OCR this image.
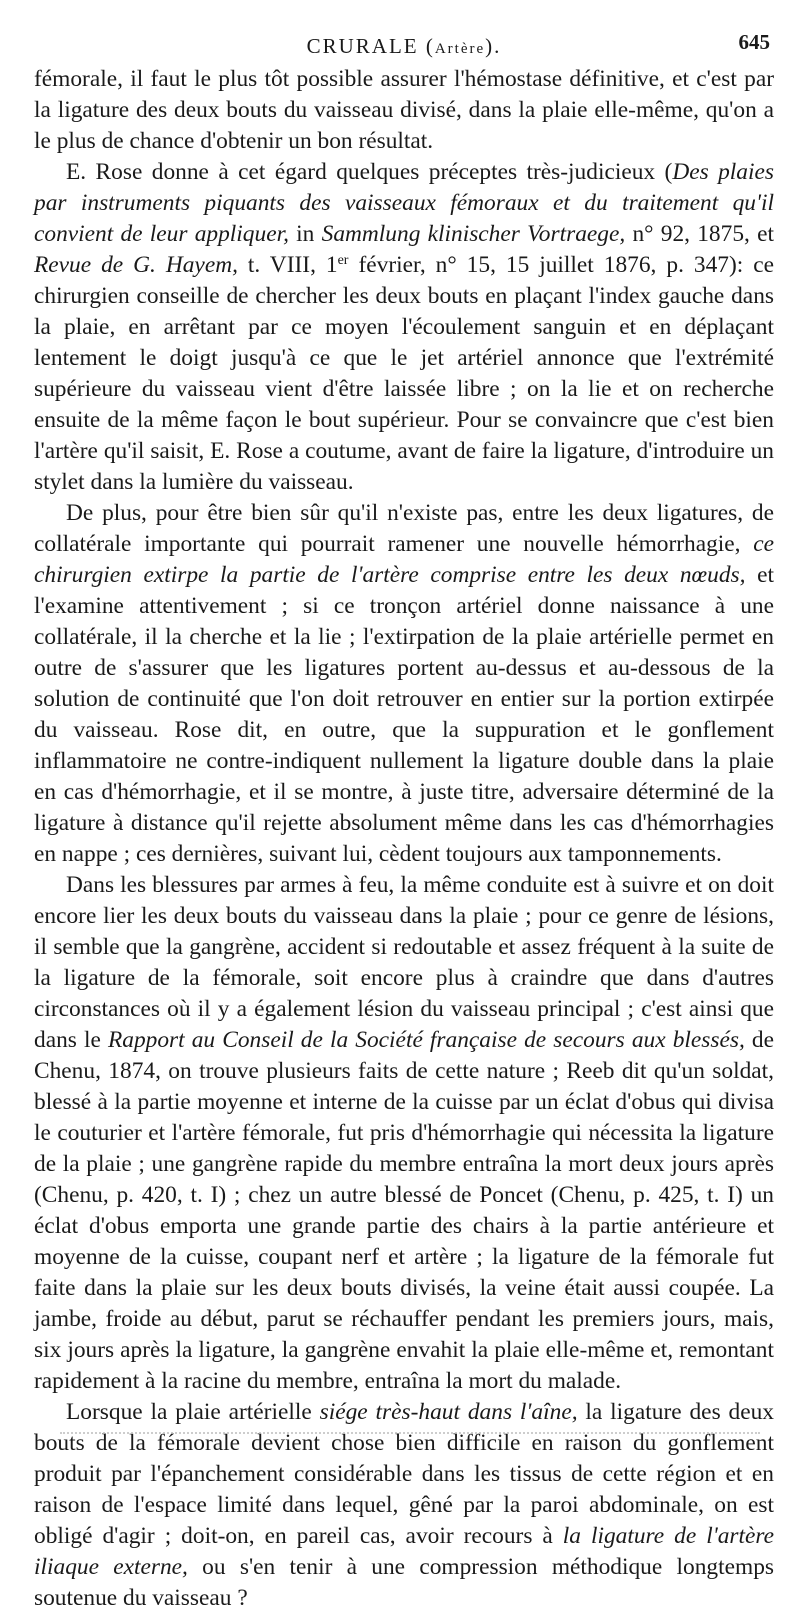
CRURALE (Artère).	645

fémorale, il faut le plus tôt possible assurer l'hémostase définitive, et c'est par la ligature des deux bouts du vaisseau divisé, dans la plaie elle-même, qu'on a le plus de chance d'obtenir un bon résultat.

E. Rose donne à cet égard quelques préceptes très-judicieux (Des plaies par instruments piquants des vaisseaux fémoraux et du traitement qu'il convient de leur appliquer, in Sammlung klinischer Vortraege, n° 92, 1875, et Revue de G. Hayem, t. VIII, 1er février, n° 15, 15 juillet 1876, p. 347): ce chirurgien conseille de chercher les deux bouts en plaçant l'index gauche dans la plaie, en arrêtant par ce moyen l'écoulement sanguin et en déplaçant lentement le doigt jusqu'à ce que le jet artériel annonce que l'extrémité supérieure du vaisseau vient d'être laissée libre ; on la lie et on recherche ensuite de la même façon le bout supérieur. Pour se convaincre que c'est bien l'artère qu'il saisit, E. Rose a coutume, avant de faire la ligature, d'introduire un stylet dans la lumière du vaisseau.

De plus, pour être bien sûr qu'il n'existe pas, entre les deux ligatures, de collatérale importante qui pourrait ramener une nouvelle hémorrhagie, ce chirurgien extirpe la partie de l'artère comprise entre les deux nœuds, et l'examine attentivement ; si ce tronçon artériel donne naissance à une collatérale, il la cherche et la lie ; l'extirpation de la plaie artérielle permet en outre de s'assurer que les ligatures portent au-dessus et au-dessous de la solution de continuité que l'on doit retrouver en entier sur la portion extirpée du vaisseau. Rose dit, en outre, que la suppuration et le gonflement inflammatoire ne contre-indiquent nullement la ligature double dans la plaie en cas d'hémorrhagie, et il se montre, à juste titre, adversaire déterminé de la ligature à distance qu'il rejette absolument même dans les cas d'hémorrhagies en nappe ; ces dernières, suivant lui, cèdent toujours aux tamponnements.

Dans les blessures par armes à feu, la même conduite est à suivre et on doit encore lier les deux bouts du vaisseau dans la plaie ; pour ce genre de lésions, il semble que la gangrène, accident si redoutable et assez fréquent à la suite de la ligature de la fémorale, soit encore plus à craindre que dans d'autres circonstances où il y a également lésion du vaisseau principal ; c'est ainsi que dans le Rapport au Conseil de la Société française de secours aux blessés, de Chenu, 1874, on trouve plusieurs faits de cette nature ; Reeb dit qu'un soldat, blessé à la partie moyenne et interne de la cuisse par un éclat d'obus qui divisa le couturier et l'artère fémorale, fut pris d'hémorrhagie qui nécessita la ligature de la plaie ; une gangrène rapide du membre entraîna la mort deux jours après (Chenu, p. 420, t. I) ; chez un autre blessé de Poncet (Chenu, p. 425, t. I) un éclat d'obus emporta une grande partie des chairs à la partie antérieure et moyenne de la cuisse, coupant nerf et artère ; la ligature de la fémorale fut faite dans la plaie sur les deux bouts divisés, la veine était aussi coupée. La jambe, froide au début, parut se réchauffer pendant les premiers jours, mais, six jours après la ligature, la gangrène envahit la plaie elle-même et, remontant rapidement à la racine du membre, entraîna la mort du malade.

Lorsque la plaie artérielle siége très-haut dans l'aîne, la ligature des deux bouts de la fémorale devient chose bien difficile en raison du gonflement produit par l'épanchement considérable dans les tissus de cette région et en raison de l'espace limité dans lequel, gêné par la paroi abdominale, on est obligé d'agir ; doit-on, en pareil cas, avoir recours à la ligature de l'artère iliaque externe, ou s'en tenir à une compression méthodique longtemps soutenue du vaisseau ?
